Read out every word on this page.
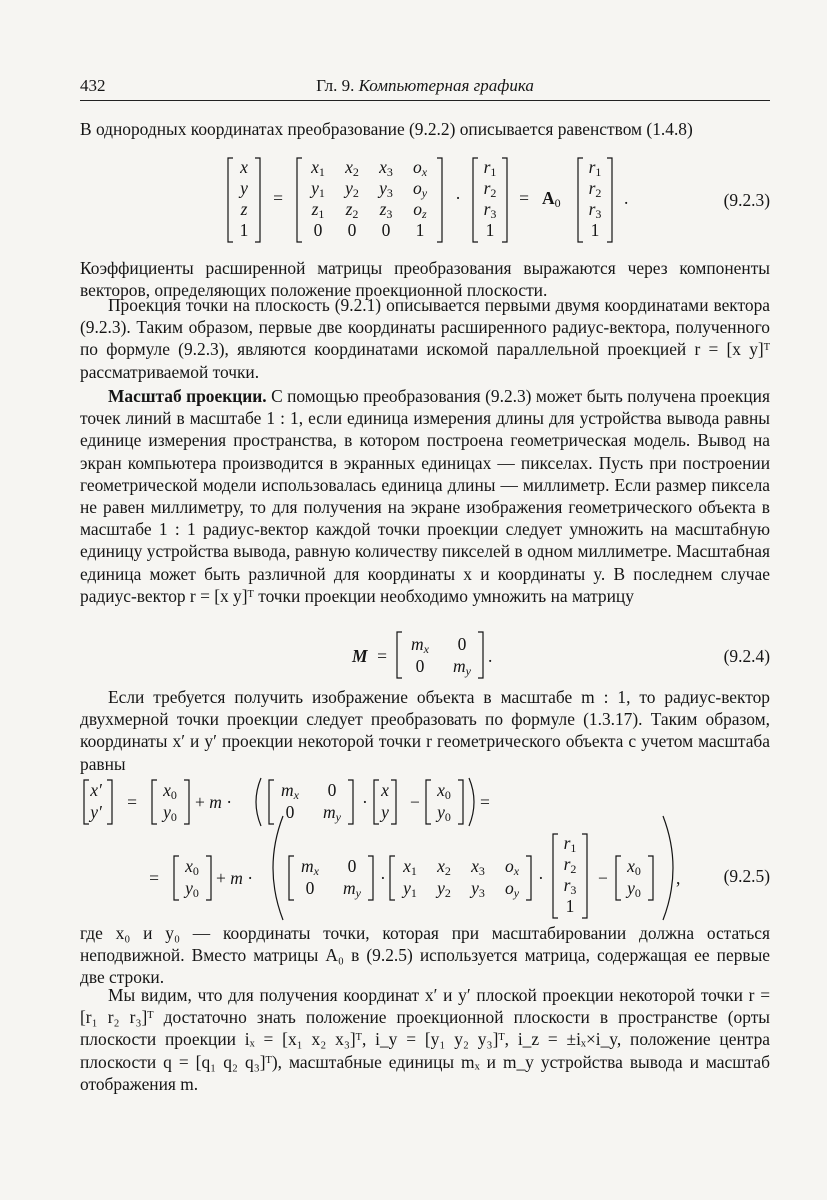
432	Гл. 9. Компьютерная графика

В однородных координатах преобразование (9.2.2) описывается равенством (1.4.8)

x
y
z
1
=
x1 x2 x3 ox
y1 y2 y3 oy
z1 z2 z3 oz
0 0 0 1
·
r1
r2
r3
1
= A0
r1
r2
r3
1
.	(9.2.3)

Коэффициенты расширенной матрицы преобразования выражаются через компоненты векторов, определяющих положение проекционной плоскости.

Проекция точки на плоскость (9.2.1) описывается первыми двумя координатами вектора (9.2.3). Таким образом, первые две координаты расширенного радиус-вектора, полученного по формуле (9.2.3), являются координатами искомой параллельной проекцией r = [x y]ᵀ рассматриваемой точки.

Масштаб проекции. С помощью преобразования (9.2.3) может быть получена проекция точек линий в масштабе 1 : 1, если единица измерения длины для устройства вывода равны единице измерения пространства, в котором построена геометрическая модель. Вывод на экран компьютера производится в экранных единицах — пикселах. Пусть при построении геометрической модели использовалась единица длины — миллиметр. Если размер пиксела не равен миллиметру, то для получения на экране изображения геометрического объекта в масштабе 1 : 1 радиус-вектор каждой точки проекции следует умножить на масштабную единицу устройства вывода, равную количеству пикселей в одном миллиметре. Масштабная единица может быть различной для координаты x и координаты y. В последнем случае радиус-вектор r = [x y]ᵀ точки проекции необходимо умножить на матрицу

M =
mx 0
0 my
.	(9.2.4)

Если требуется получить изображение объекта в масштабе m : 1, то радиус-вектор двухмерной точки проекции следует преобразовать по формуле (1.3.17). Таким образом, координаты x′ и y′ проекции некоторой точки r геометрического объекта с учетом масштаба равны

x′
y′ =
x0
y0
+ m ·
mx 0
0 my
·
x
y −
x0
y0
=
=
x0
y0
+ m ·
mx 0
0 my
·
x1 x2 x3 ox
y1 y2 y3 oy
·
r1
r2
r3
1
−
x0
y0
, (9.2.5)

где x₀ и y₀ — координаты точки, которая при масштабировании должна остаться неподвижной. Вместо матрицы A₀ в (9.2.5) используется матрица, содержащая ее первые две строки.

Мы видим, что для получения координат x′ и y′ плоской проекции некоторой точки r = [r₁ r₂ r₃]ᵀ достаточно знать положение проекционной плоскости в пространстве (орты плоскости проекции iₓ = [x₁ x₂ x₃]ᵀ, i_y = [y₁ y₂ y₃]ᵀ, i_z = ±iₓ×i_y, положение центра плоскости q = [q₁ q₂ q₃]ᵀ), масштабные единицы mₓ и m_y устройства вывода и масштаб отображения m.
